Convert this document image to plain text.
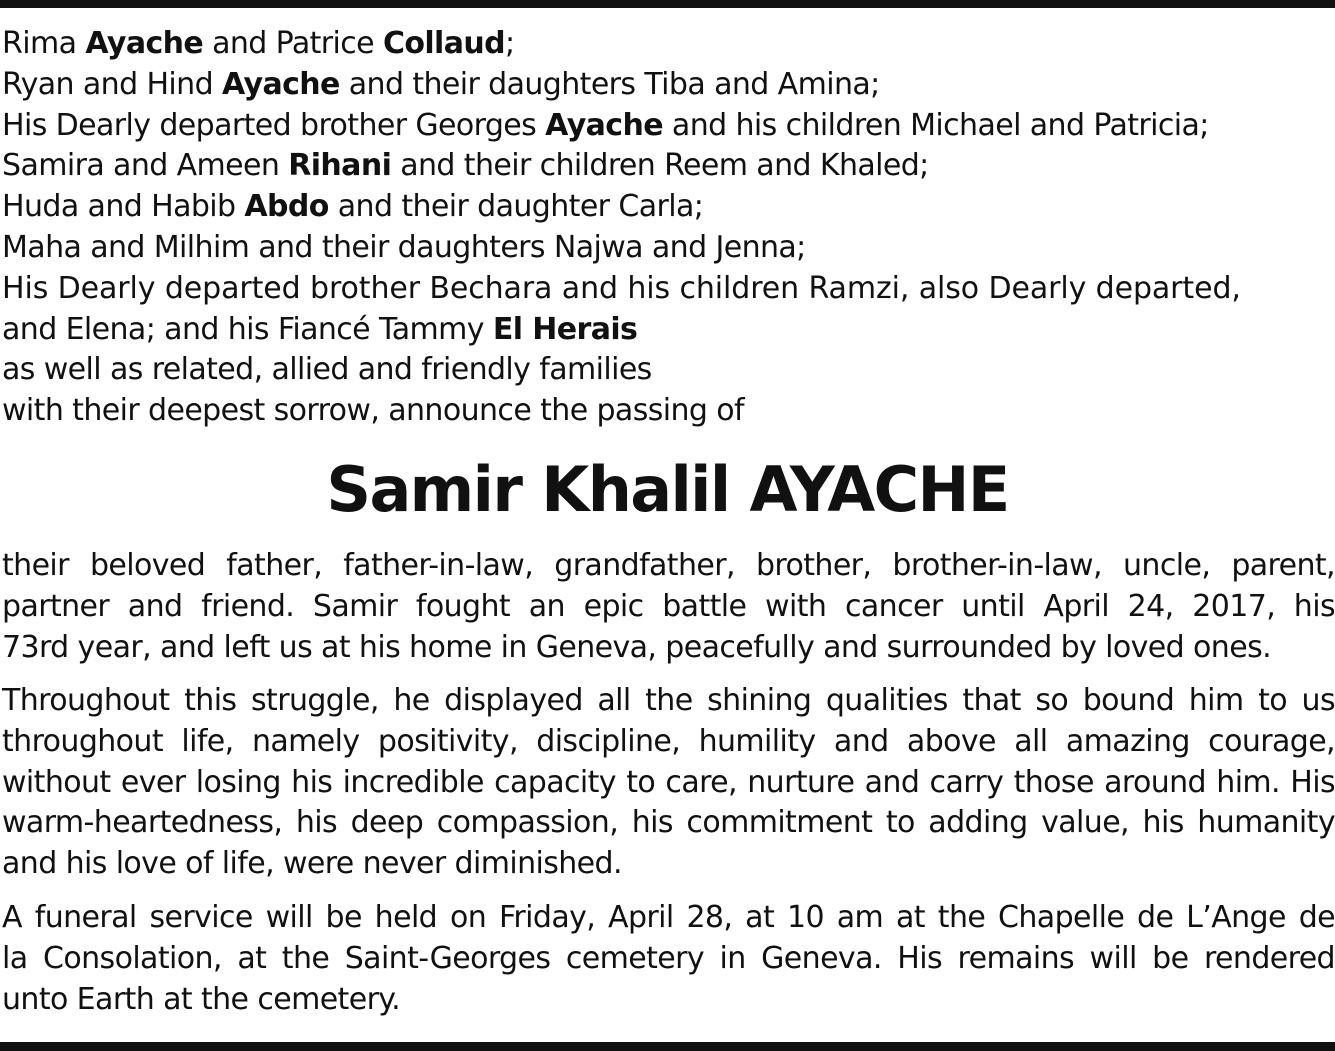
Rima Ayache and Patrice Collaud;
Ryan and Hind Ayache and their daughters Tiba and Amina;
His Dearly departed brother Georges Ayache and his children Michael and Patricia;
Samira and Ameen Rihani and their children Reem and Khaled;
Huda and Habib Abdo and their daughter Carla;
Maha and Milhim and their daughters Najwa and Jenna;
His Dearly departed brother Bechara and his children Ramzi, also Dearly departed,
and Elena; and his Fiancé Tammy El Herais
as well as related, allied and friendly families
with their deepest sorrow, announce the passing of
Samir Khalil AYACHE
their beloved father, father-in-law, grandfather, brother, brother-in-law, uncle, parent,
partner and friend. Samir fought an epic battle with cancer until April 24, 2017, his
73rd year, and left us at his home in Geneva, peacefully and surrounded by loved ones.
Throughout this struggle, he displayed all the shining qualities that so bound him to us
throughout life, namely positivity, discipline, humility and above all amazing courage,
without ever losing his incredible capacity to care, nurture and carry those around him. His
warm-heartedness, his deep compassion, his commitment to adding value, his humanity
and his love of life, were never diminished.
A funeral service will be held on Friday, April 28, at 10 am at the Chapelle de L’Ange de
la Consolation, at the Saint-Georges cemetery in Geneva. His remains will be rendered
unto Earth at the cemetery.
